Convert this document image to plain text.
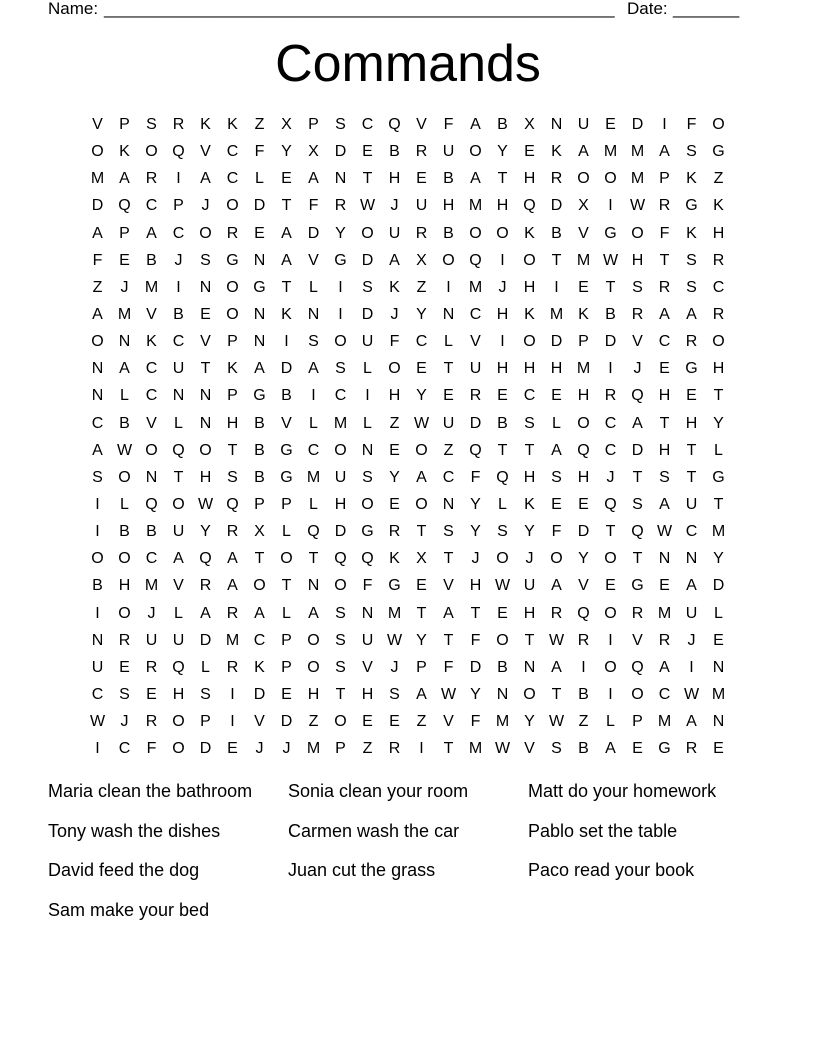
Name: ______________________________________________________ Date: _______
Commands
V	P	S R K	K	Z	X	P	S C Q V	F	A	B	X N U E D	I	F O
O K O Q V C	F	Y	X D E	B R U O Y	E	K	A M M A	S G
M A R	I	A C	L	E	A N	T	H E	B	A	T	H R O O M P	K	Z
D Q C P	J	O D	T	F	R W J	U H M H Q D X	I	W R G K
A	P	A C O R E	A D Y O U R B O O K	B	V G O F	K H
F	E	B	J	S G N A	V G D A	X O Q	I	O T M W H	T	S R
Z	J	M	I	N O G T	L	I	S	K	Z	I	M	J	H	I	E	T	S R S C
A M V	B	E O N K N	I	D	J	Y N C H K M K	B R A	A R
O N K C V	P N	I	S O U	F	C	L	V	I	O D P D V C R O
N A C U	T	K	A D A	S	L	O E	T	U H H H M	I	J	E G H
N	L	C N N P G B	I	C	I	H Y	E R E C E H R Q H E	T
C B	V	L	N H B	V	L M L	Z W U D B	S	L	O C A	T	H Y
A W O Q O T	B G C O N E O Z Q T	T	A Q C D H	T	L
S O N	T	H S	B G M U S	Y	A C	F Q H S H	J	T	S	T G
I	L	Q O W Q P	P	L	H O E O N Y	L	K	E	E Q S	A U	T
I	B	B U Y R X	L	Q D G R	T	S	Y	S	Y	F	D	T Q W C M
O O C A Q A	T O T Q Q K	X	T	J	O	J	O Y O T	N N Y
B H M V R A O T	N O F G E	V H W U A	V	E G E	A D
I	O	J	L	A R A	L	A	S N M T	A	T	E H R Q O R M U	L
N R U U D M C P O S U W Y	T	F O T W R	I	V R	J	E
U E R Q	L	R K	P O S	V	J	P	F	D B N A	I	O Q A	I	N
C S	E H S	I	D E H	T	H S	A W Y N O T	B	I	O C W M
W J	R O P	I	V D	Z O E	E	Z	V	F M Y W Z	L	P M A N
I	C	F O D E	J	J	M P	Z	R	I	T M W V	S	B	A	E G R E
Maria clean the bathroom	Sonia clean your room	Matt do your homework
Tony wash the dishes	Carmen wash the car	Pablo set the table
David feed the dog	Juan cut the grass	Paco read your book
Sam make your bed
